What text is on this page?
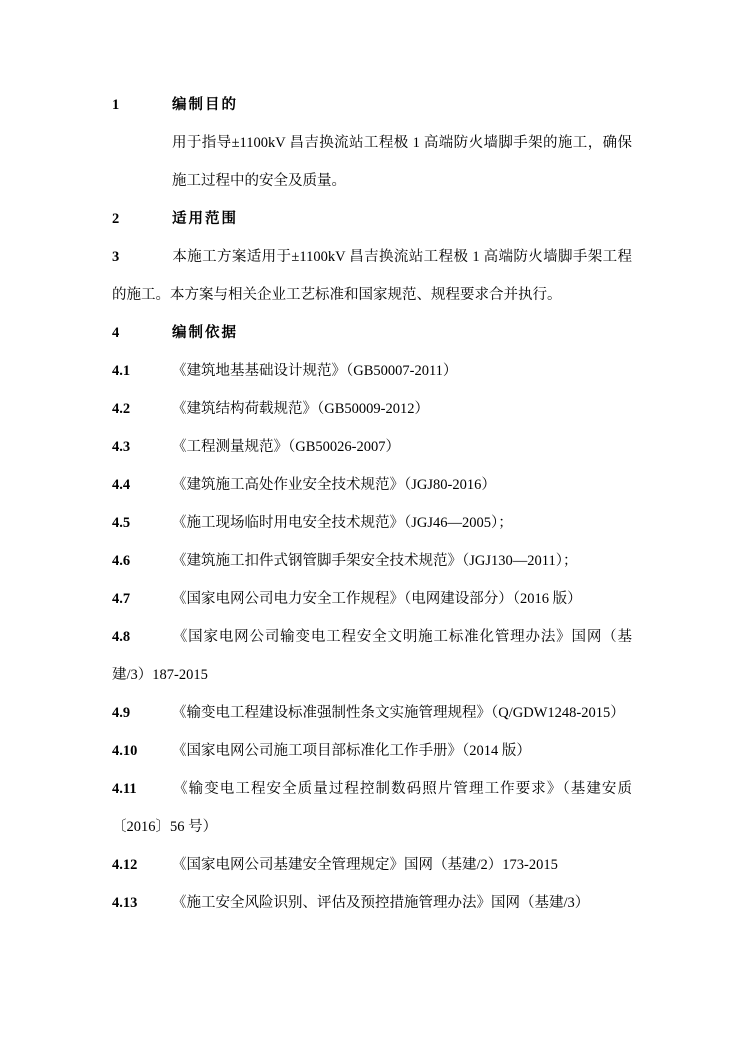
1	编制目的
用于指导±1100kV 昌吉换流站工程极 1 高端防火墙脚手架的施工，确保施工过程中的安全及质量。
2	适用范围
3	本施工方案适用于±1100kV 昌吉换流站工程极 1 高端防火墙脚手架工程的施工。本方案与相关企业工艺标准和国家规范、规程要求合并执行。
4	编制依据
4.1	《建筑地基基础设计规范》（GB50007-2011）
4.2	《建筑结构荷载规范》（GB50009-2012）
4.3	《工程测量规范》（GB50026-2007）
4.4	《建筑施工高处作业安全技术规范》（JGJ80-2016）
4.5	《施工现场临时用电安全技术规范》（JGJ46—2005）；
4.6	《建筑施工扣件式钢管脚手架安全技术规范》（JGJ130—2011）；
4.7	《国家电网公司电力安全工作规程》（电网建设部分）（2016 版）
4.8	《国家电网公司输变电工程安全文明施工标准化管理办法》国网（基建/3）187-2015
4.9	《输变电工程建设标准强制性条文实施管理规程》（Q/GDW1248-2015）
4.10 《国家电网公司施工项目部标准化工作手册》（2014 版）
4.11 《输变电工程安全质量过程控制数码照片管理工作要求》（基建安质〔2016〕56 号）
4.12 《国家电网公司基建安全管理规定》国网（基建/2）173-2015
4.13 《施工安全风险识别、评估及预控措施管理办法》国网（基建/3）
